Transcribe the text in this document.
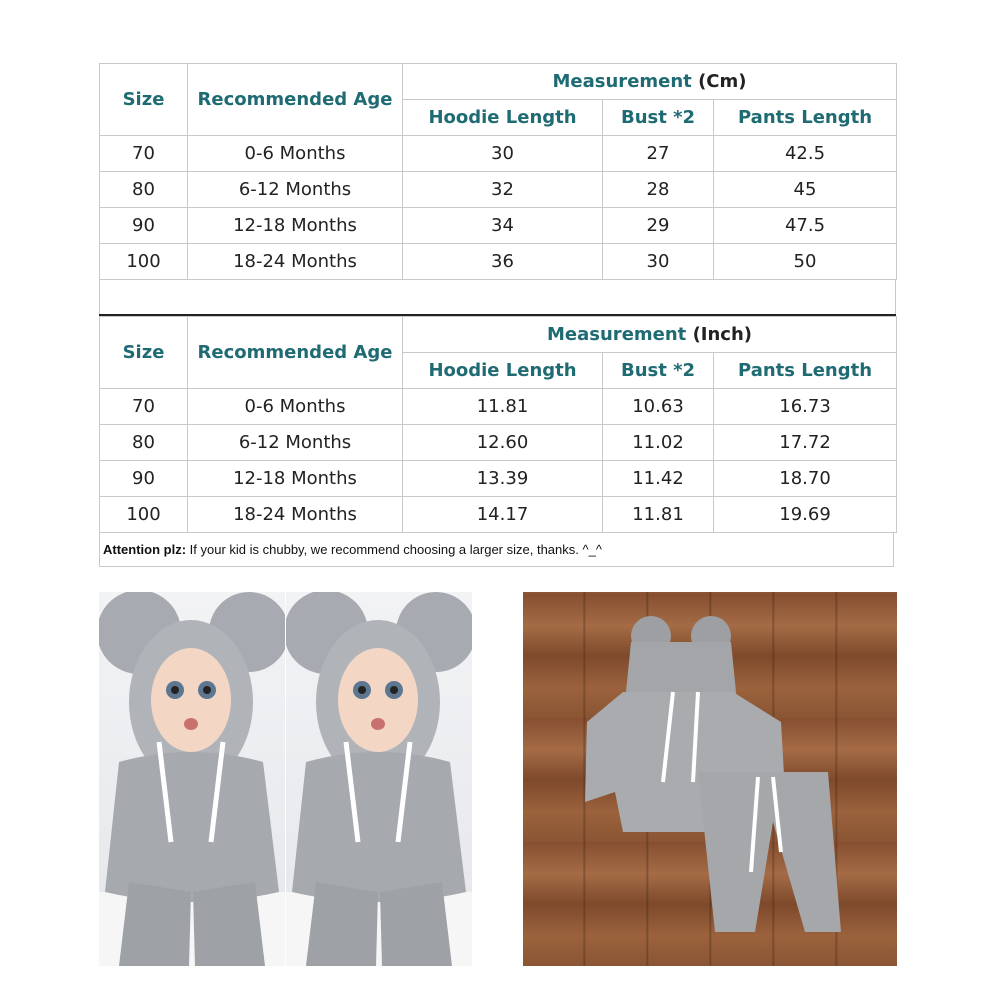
Size	Recommended Age	Measurement (Cm)		
		Hoodie Length	Bust *2	Pants Length
70	0-6 Months	30	27	42.5
80	6-12 Months	32	28	45
90	12-18 Months	34	29	47.5
100	18-24 Months	36	30	50
Size	Recommended Age	Measurement (Inch)		
		Hoodie Length	Bust *2	Pants Length
70	0-6 Months	11.81	10.63	16.73
80	6-12 Months	12.60	11.02	17.72
90	12-18 Months	13.39	11.42	18.70
100	18-24 Months	14.17	11.81	19.69
Attention plz: If your kid is chubby, we recommend choosing a larger size, thanks. ^_^
